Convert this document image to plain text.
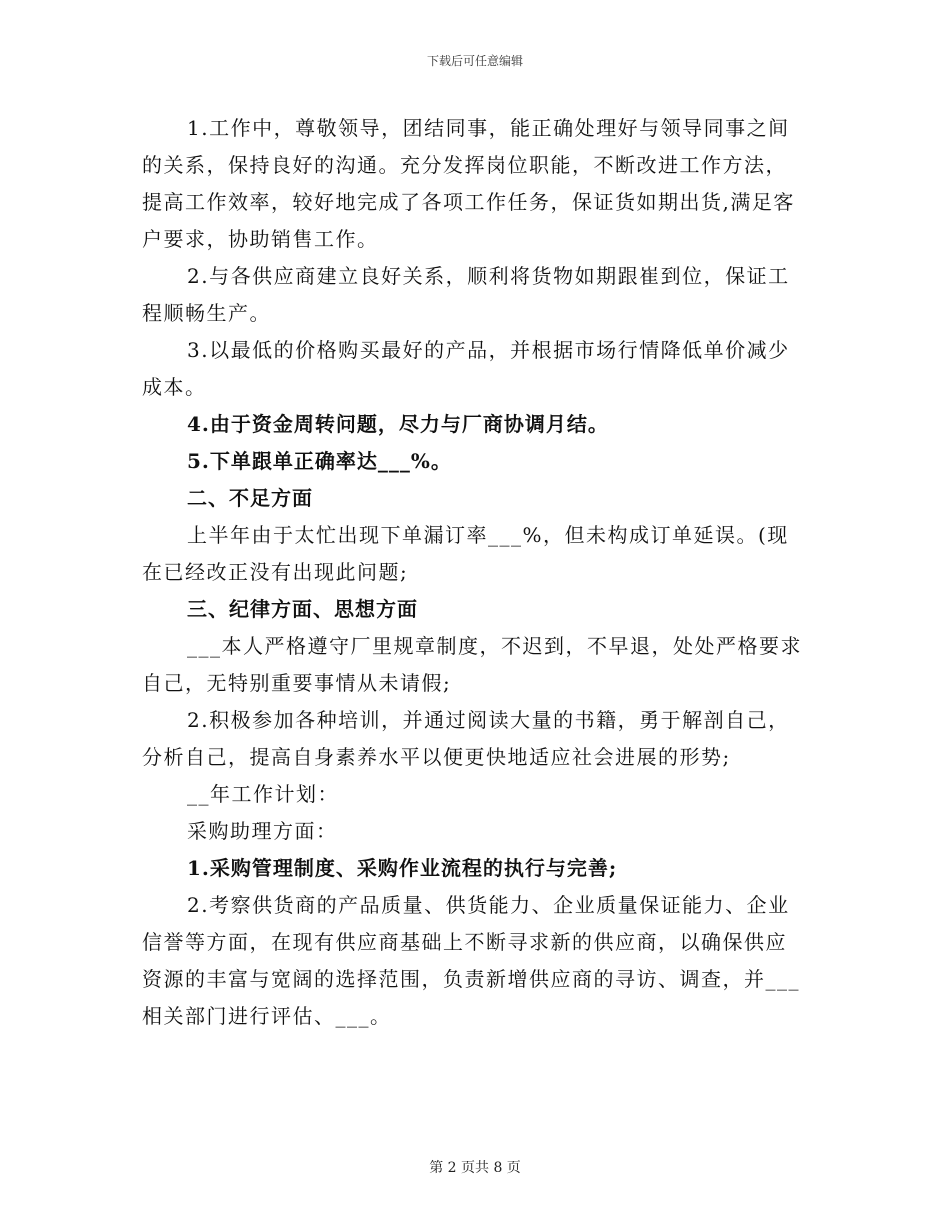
下载后可任意编辑

1.工作中，尊敬领导，团结同事，能正确处理好与领导同事之间的关系，保持良好的沟通。充分发挥岗位职能，不断改进工作方法，提高工作效率，较好地完成了各项工作任务，保证货如期出货,满足客户要求，协助销售工作。

2.与各供应商建立良好关系，顺利将货物如期跟崔到位，保证工程顺畅生产。

3.以最低的价格购买最好的产品，并根据市场行情降低单价减少成本。

4.由于资金周转问题，尽力与厂商协调月结。

5.下单跟单正确率达___%。

二、不足方面

上半年由于太忙出现下单漏订率___%，但未构成订单延误。(现在已经改正没有出现此问题;

三、纪律方面、思想方面

___本人严格遵守厂里规章制度，不迟到，不早退，处处严格要求自己，无特别重要事情从未请假;

2.积极参加各种培训，并通过阅读大量的书籍，勇于解剖自己，分析自己，提高自身素养水平以便更快地适应社会进展的形势;

__年工作计划：

采购助理方面：

1.采购管理制度、采购作业流程的执行与完善;

2.考察供货商的产品质量、供货能力、企业质量保证能力、企业信誉等方面，在现有供应商基础上不断寻求新的供应商，以确保供应资源的丰富与宽阔的选择范围，负责新增供应商的寻访、调查，并___相关部门进行评估、___。

第 2 页共 8 页
